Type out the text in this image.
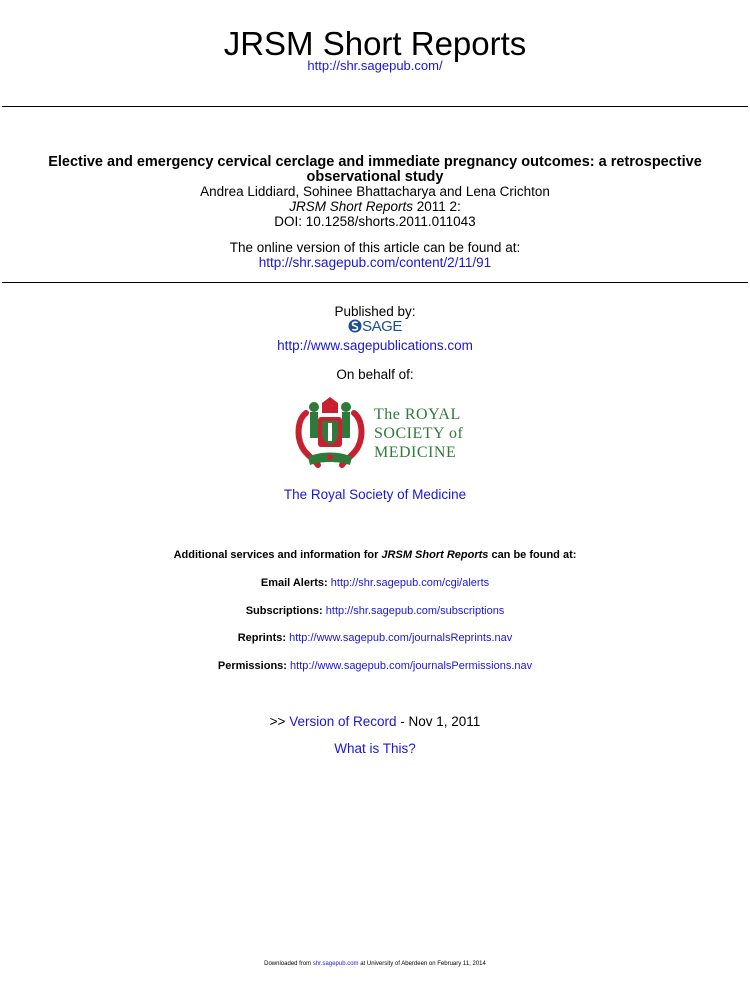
JRSM Short Reports
http://shr.sagepub.com/
Elective and emergency cervical cerclage and immediate pregnancy outcomes: a retrospective
observational study
Andrea Liddiard, Sohinee Bhattacharya and Lena Crichton
JRSM Short Reports 2011 2:
DOI: 10.1258/shorts.2011.011043
The online version of this article can be found at:
http://shr.sagepub.com/content/2/11/91
Published by:
SAGE
http://www.sagepublications.com
On behalf of:
The ROYAL
SOCIETY of
MEDICINE
The Royal Society of Medicine
Additional services and information for JRSM Short Reports can be found at:
Email Alerts: http://shr.sagepub.com/cgi/alerts
Subscriptions: http://shr.sagepub.com/subscriptions
Reprints: http://www.sagepub.com/journalsReprints.nav
Permissions: http://www.sagepub.com/journalsPermissions.nav
>> Version of Record - Nov 1, 2011
What is This?
Downloaded from shr.sagepub.com at University of Aberdeen on February 11, 2014
